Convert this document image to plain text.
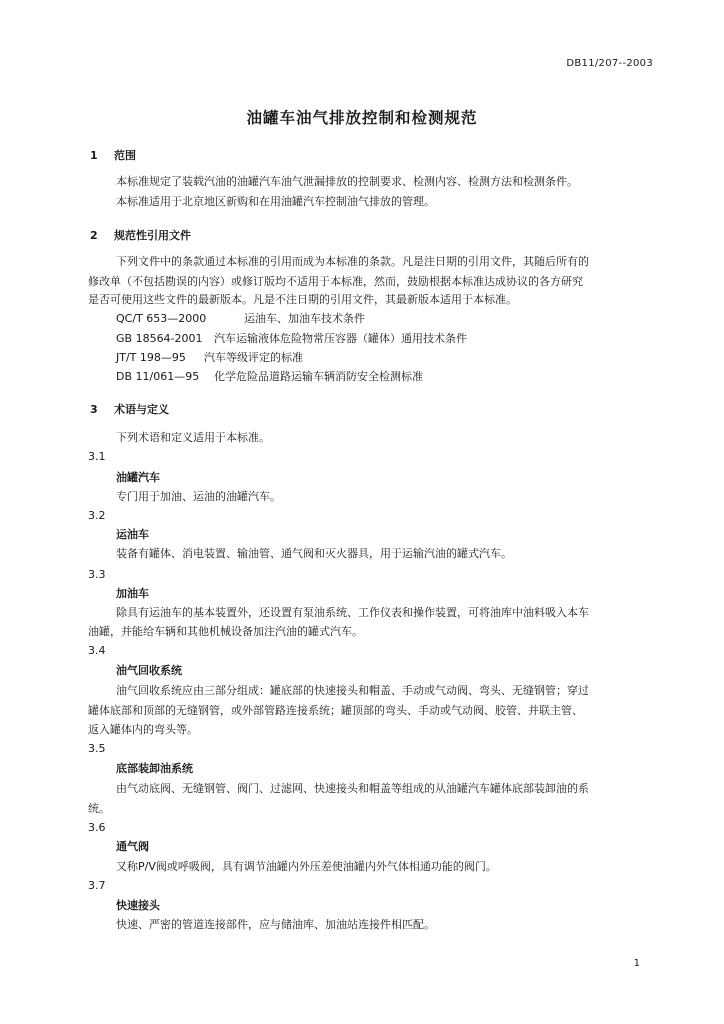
DB11/207--2003
油罐车油气排放控制和检测规范
1 范围
本标准规定了装载汽油的油罐汽车油气泄漏排放的控制要求、检测内容、检测方法和检测条件。
本标准适用于北京地区新购和在用油罐汽车控制油气排放的管理。
2 规范性引用文件
下列文件中的条款通过本标准的引用而成为本标准的条款。凡是注日期的引用文件，其随后所有的
修改单（不包括勘误的内容）或修订版均不适用于本标准，然而，鼓励根据本标准达成协议的各方研究
是否可使用这些文件的最新版本。凡是不注日期的引用文件，其最新版本适用于本标准。
QC/T 653—2000	运油车、加油车技术条件
GB 18564-2001 汽车运输液体危险物常压容器（罐体）通用技术条件
JT/T 198—95 汽车等级评定的标准
DB 11/061—95 化学危险品道路运输车辆消防安全检测标准
3 术语与定义
下列术语和定义适用于本标准。
3.1
油罐汽车
专门用于加油、运油的油罐汽车。
3.2
运油车
装备有罐体、消电装置、输油管、通气阀和灭火器具，用于运输汽油的罐式汽车。
3.3
加油车
除具有运油车的基本装置外，还设置有泵油系统、工作仪表和操作装置，可将油库中油料吸入本车
油罐，并能给车辆和其他机械设备加注汽油的罐式汽车。
3.4
油气回收系统
油气回收系统应由三部分组成：罐底部的快速接头和帽盖、手动或气动阀、弯头、无缝钢管；穿过
罐体底部和顶部的无缝钢管，或外部管路连接系统；罐顶部的弯头、手动或气动阀、胶管、并联主管、
返入罐体内的弯头等。
3.5
底部装卸油系统
由气动底阀、无缝钢管、阀门、过滤网、快速接头和帽盖等组成的从油罐汽车罐体底部装卸油的系
统。
3.6
通气阀
又称P/V阀或呼吸阀，具有调节油罐内外压差使油罐内外气体相通功能的阀门。
3.7
快速接头
快速、严密的管道连接部件，应与储油库、加油站连接件相匹配。
1
